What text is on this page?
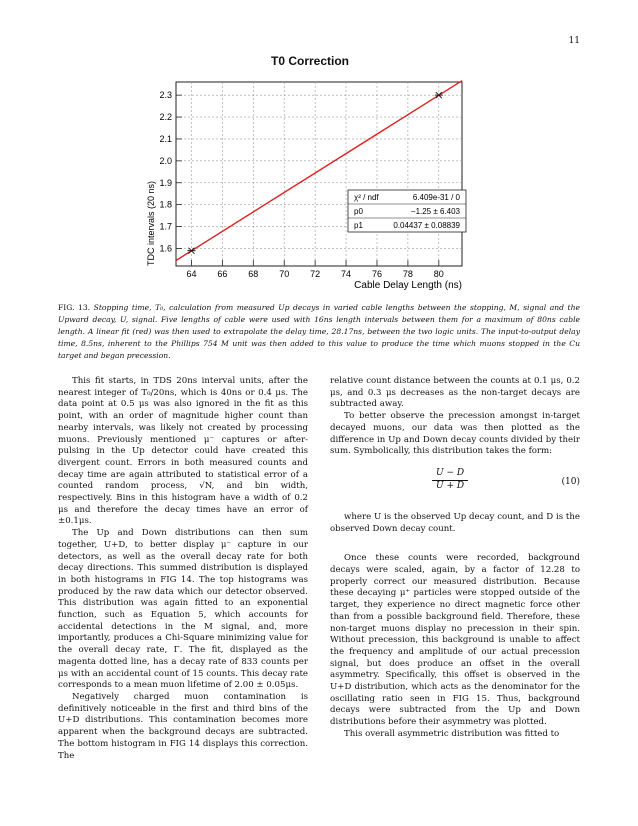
11
T0 Correction
64 66 68 70 72 74 76 78 80
1.6
1.7
1.8
1.9
2.0
2.1
2.2
2.3
Cable Delay Length (ns)
TDC intervals (20 ns)	χ² / ndf	6.409e-31 / 0
p0	−1.25 ± 6.403
p1	0.04437 ± 0.08839
FIG. 13. Stopping time, T₀, calculation from measured Up decays in varied cable lengths between the stopping, M, signal and the Upward decay, U, signal. Five lengths of cable were used with 16ns length intervals between them for a maximum of 80ns cable length. A linear fit (red) was then used to extrapolate the delay time, 28.17ns, between the two logic units. The input-to-output delay time, 8.5ns, inherent to the Phillips 754 M unit was then added to this value to produce the time which muons stopped in the Cu target and began precession.

This fit starts, in TDS 20ns interval units, after the nearest integer of T₀/20ns, which is 40ns or 0.4 μs. The data point at 0.5 μs was also ignored in the fit as this point, with an order of magnitude higher count than nearby intervals, was likely not created by processing muons. Previously mentioned μ⁻ captures or after-pulsing in the Up detector could have created this divergent count. Errors in both measured counts and decay time are again attributed to statistical error of a counted random process, √N, and bin width, respectively. Bins in this histogram have a width of 0.2 μs and therefore the decay times have an error of ±0.1μs.

The Up and Down distributions can then sum together, U+D, to better display μ⁻ capture in our detectors, as well as the overall decay rate for both decay directions. This summed distribution is displayed in both histograms in FIG 14. The top histograms was produced by the raw data which our detector observed. This distribution was again fitted to an exponential function, such as Equation 5, which accounts for accidental detections in the M signal, and, more importantly, produces a Chi-Square minimizing value for the overall decay rate, Γ. The fit, displayed as the magenta dotted line, has a decay rate of 833 counts per μs with an accidental count of 15 counts. This decay rate corresponds to a mean muon lifetime of 2.00 ± 0.05μs.

Negatively charged muon contamination is definitively noticeable in the first and third bins of the U+D distributions. This contamination becomes more apparent when the background decays are subtracted. The bottom histogram in FIG 14 displays this correction. The

relative count distance between the counts at 0.1 μs, 0.2 μs, and 0.3 μs decreases as the non-target decays are subtracted away.

To better observe the precession amongst in-target decayed muons, our data was then plotted as the difference in Up and Down decay counts divided by their sum. Symbolically, this distribution takes the form:

$\frac{U - D}{U + D}$	(10)

where U is the observed Up decay count, and D is the observed Down decay count.

Once these counts were recorded, background decays were scaled, again, by a factor of 12.28 to properly correct our measured distribution. Because these decaying μ⁺ particles were stopped outside of the target, they experience no direct magnetic force other than from a possible background field. Therefore, these non-target muons display no precession in their spin. Without precession, this background is unable to affect the frequency and amplitude of our actual precession signal, but does produce an offset in the overall asymmetry. Specifically, this offset is observed in the U+D distribution, which acts as the denominator for the oscillating ratio seen in FIG 15. Thus, background decays were subtracted from the Up and Down distributions before their asymmetry was plotted.

This overall asymmetric distribution was fitted to
